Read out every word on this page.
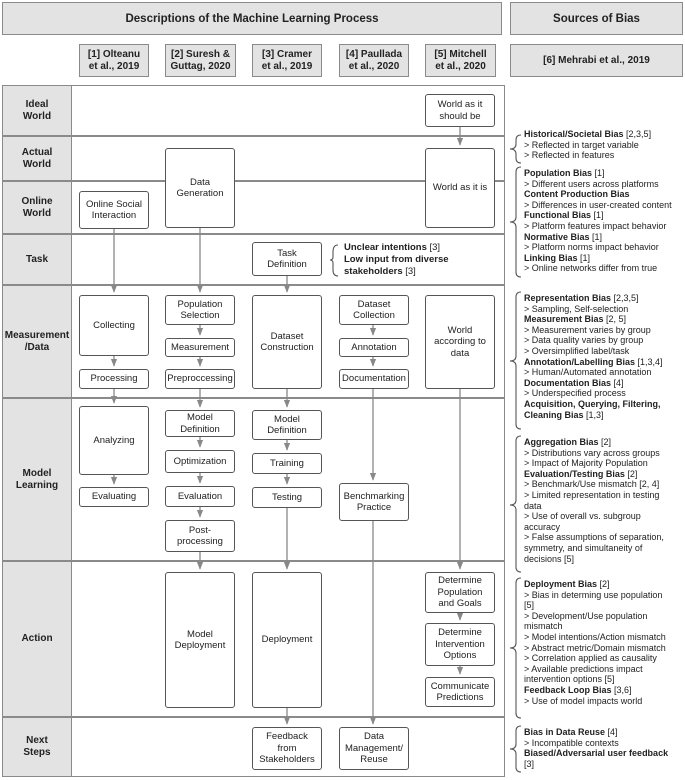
Descriptions of the Machine Learning Process	Sources of Bias
[1] Olteanu
et al., 2019
[2] Suresh &
Guttag, 2020
[3] Cramer
et al., 2019
[4] Paullada
et al., 2020
[5] Mitchell
et al., 2020
[6] Mehrabi et al., 2019
Ideal
World
Actual
World
Online
World
Task
Measurement
/Data
Model
Learning
Action
Next
Steps
World as it
should be
Data
Generation
World as it is
Online Social
Interaction
Task
Definition
Collecting
Processing
Population
Selection
Measurement
Preproccessing
Dataset
Construction
Dataset
Collection
Annotation
Documentation
World
according to
data
Analyzing
Evaluating
Model
Definition
Optimization
Evaluation
Post-
processing
Model
Definition
Training
Testing	Benchmarking
Practice
Model
Deployment
Deployment
Determine
Population
and Goals
Determine
Intervention
Options
Communicate
Predictions
Feedback
from
Stakeholders
Data
Management/
Reuse
Unclear intentions [3]
Low input from diverse
stakeholders [3]
Historical/Societal Bias [2,3,5]
> Reflected in target variable
> Reflected in features
Population Bias [1]
> Different users across platforms
Content Production Bias
> Differences in user-created content
Functional Bias [1]
> Platform features impact behavior
Normative Bias [1]
> Platform norms impact behavior
Linking Bias [1]
> Online networks differ from true
Representation Bias [2,3,5]
> Sampling, Self-selection
Measurement Bias [2, 5]
> Measurement varies by group
> Data quality varies by group
> Oversimplified label/task
Annotation/Labelling Bias [1,3,4]
> Human/Automated annotation
Documentation Bias [4]
> Underspecified process
Acquisition, Querying, Filtering,
Cleaning Bias [1,3]
Aggregation Bias [2]
> Distributions vary across groups
> Impact of Majority Population
Evaluation/Testing Bias [2]
> Benchmark/Use mismatch [2, 4]
> Limited representation in testing
data
> Use of overall vs. subgroup
accuracy
> False assumptions of separation,
symmetry, and simultaneity of
decisions [5]
Deployment Bias [2]
> Bias in determing use population
[5]
> Development/Use population
mismatch
> Model intentions/Action mismatch
> Abstract metric/Domain mismatch
> Correlation applied as causality
> Available predictions impact
intervention options [5]
Feedback Loop Bias [3,6]
> Use of model impacts world
Bias in Data Reuse [4]
> Incompatible contexts
Biased/Adversarial user feedback
[3]
